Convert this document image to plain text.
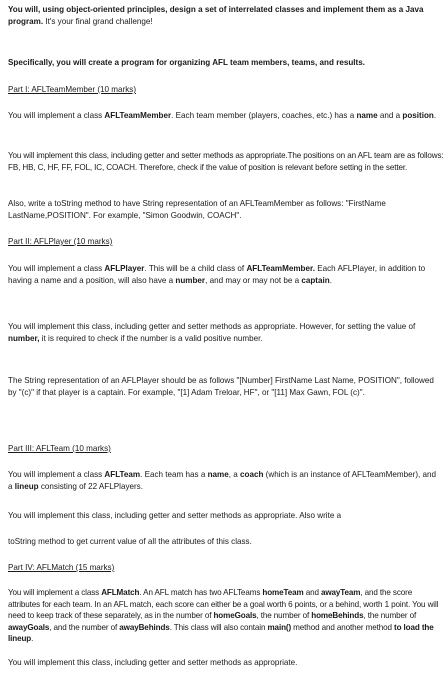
You will, using object-oriented principles, design a set of interrelated classes and implement them as a Java program. It's your final grand challenge!

Specifically, you will create a program for organizing AFL team members, teams, and results.

Part I: AFLTeamMember (10 marks)

You will implement a class AFLTeamMember. Each team member (players, coaches, etc.) has a name and a position.

You will implement this class, including getter and setter methods as appropriate.The positions on an AFL team are as follows: FB, HB, C, HF, FF, FOL, IC, COACH. Therefore, check if the value of position is relevant before setting in the setter.

Also, write a toString method to have String representation of an AFLTeamMember as follows: "FirstName LastName,POSITION". For example, "Simon Goodwin, COACH".

Part II: AFLPlayer (10 marks)

You will implement a class AFLPlayer. This will be a child class of AFLTeamMember. Each AFLPlayer, in addition to having a name and a position, will also have a number, and may or may not be a captain.

You will implement this class, including getter and setter methods as appropriate. However, for setting the value of number, it is required to check if the number is a valid positive number.

The String representation of an AFLPlayer should be as follows "[Number] FirstName Last Name, POSITION", followed by "(c)" if that player is a captain. For example, "[1] Adam Treloar, HF", or "[11] Max Gawn, FOL (c)".

Part III: AFLTeam (10 marks)

You will implement a class AFLTeam. Each team has a name, a coach (which is an instance of AFLTeamMember), and a lineup consisting of 22 AFLPlayers.

You will implement this class, including getter and setter methods as appropriate. Also write a

toString method to get current value of all the attributes of this class.

Part IV: AFLMatch (15 marks)

You will implement a class AFLMatch. An AFL match has two AFLTeams homeTeam and awayTeam, and the score attributes for each team. In an AFL match, each score can either be a goal worth 6 points, or a behind, worth 1 point. You will need to keep track of these separately, as in the number of homeGoals, the number of homeBehinds, the number of awayGoals, and the number of awayBehinds. This class will also contain main() method and another method to load the lineup.

You will implement this class, including getter and setter methods as appropriate.
